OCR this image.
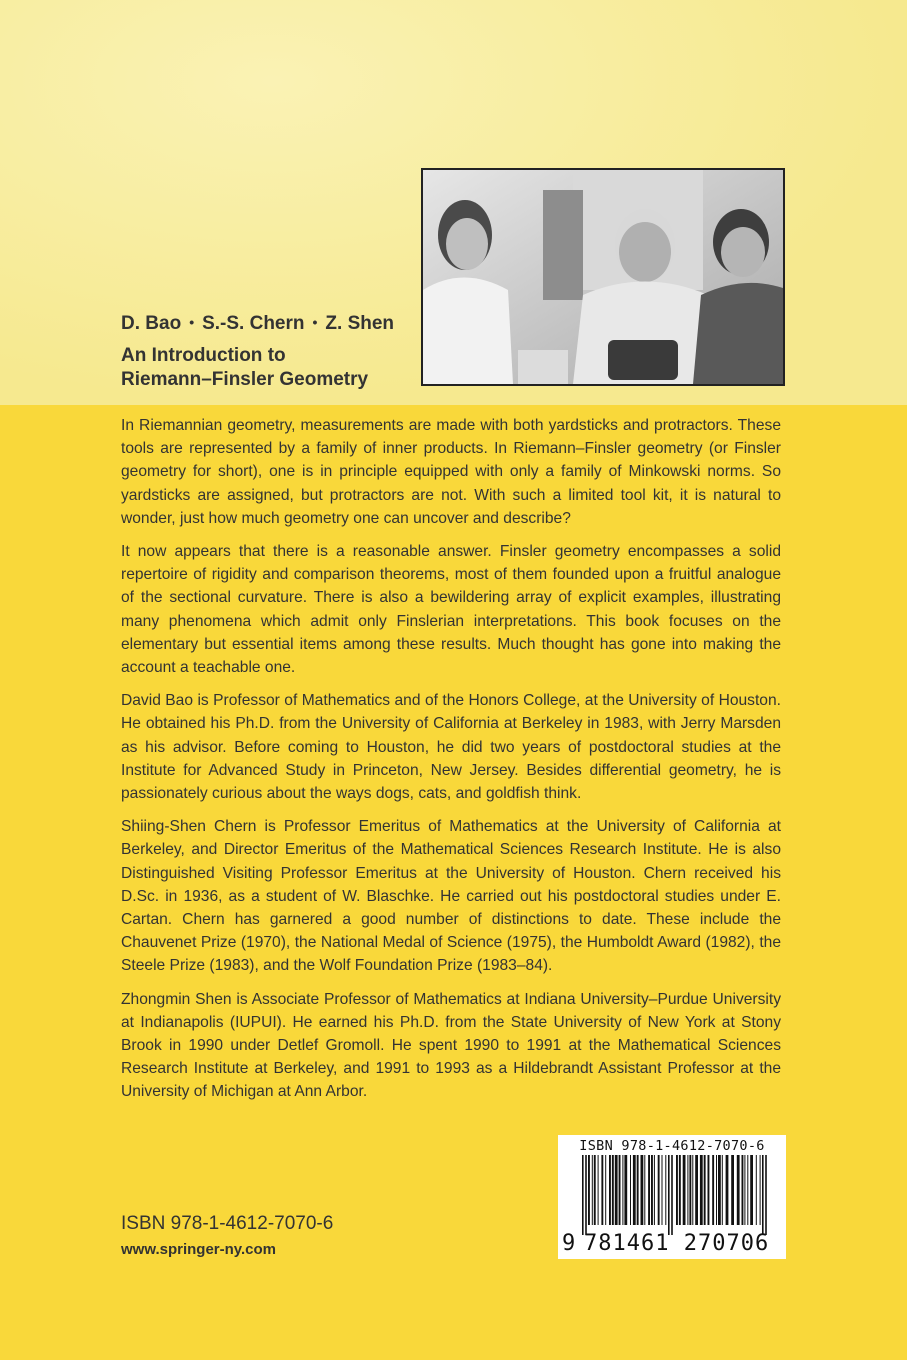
D. Bao • S.-S. Chern • Z. Shen
An Introduction to
Riemann–Finsler Geometry

In Riemannian geometry, measurements are made with both yardsticks and protractors. These tools are represented by a family of inner products. In Riemann–Finsler geometry (or Finsler geometry for short), one is in principle equipped with only a family of Minkowski norms. So yardsticks are assigned, but protractors are not. With such a limited tool kit, it is natural to wonder, just how much geometry one can uncover and describe?

It now appears that there is a reasonable answer. Finsler geometry encompasses a solid repertoire of rigidity and comparison theorems, most of them founded upon a fruitful analogue of the sectional curvature. There is also a bewildering array of explicit examples, illustrating many phenomena which admit only Finslerian interpretations. This book focuses on the elementary but essential items among these results. Much thought has gone into making the account a teachable one.

David Bao is Professor of Mathematics and of the Honors College, at the University of Houston. He obtained his Ph.D. from the University of California at Berkeley in 1983, with Jerry Marsden as his advisor. Before coming to Houston, he did two years of postdoctoral studies at the Institute for Advanced Study in Princeton, New Jersey. Besides differential geometry, he is passionately curious about the ways dogs, cats, and goldfish think.

Shiing-Shen Chern is Professor Emeritus of Mathematics at the University of California at Berkeley, and Director Emeritus of the Mathematical Sciences Research Institute. He is also Distinguished Visiting Professor Emeritus at the University of Houston. Chern received his D.Sc. in 1936, as a student of W. Blaschke. He carried out his postdoctoral studies under E. Cartan. Chern has garnered a good number of distinctions to date. These include the Chauvenet Prize (1970), the National Medal of Science (1975), the Humboldt Award (1982), the Steele Prize (1983), and the Wolf Foundation Prize (1983–84).

Zhongmin Shen is Associate Professor of Mathematics at Indiana University–Purdue University at Indianapolis (IUPUI). He earned his Ph.D. from the State University of New York at Stony Brook in 1990 under Detlef Gromoll. He spent 1990 to 1991 at the Mathematical Sciences Research Institute at Berkeley, and 1991 to 1993 as a Hildebrandt Assistant Professor at the University of Michigan at Ann Arbor.

ISBN 978-1-4612-7070-6
9 781461 270706
ISBN 978-1-4612-7070-6
www.springer-ny.com
